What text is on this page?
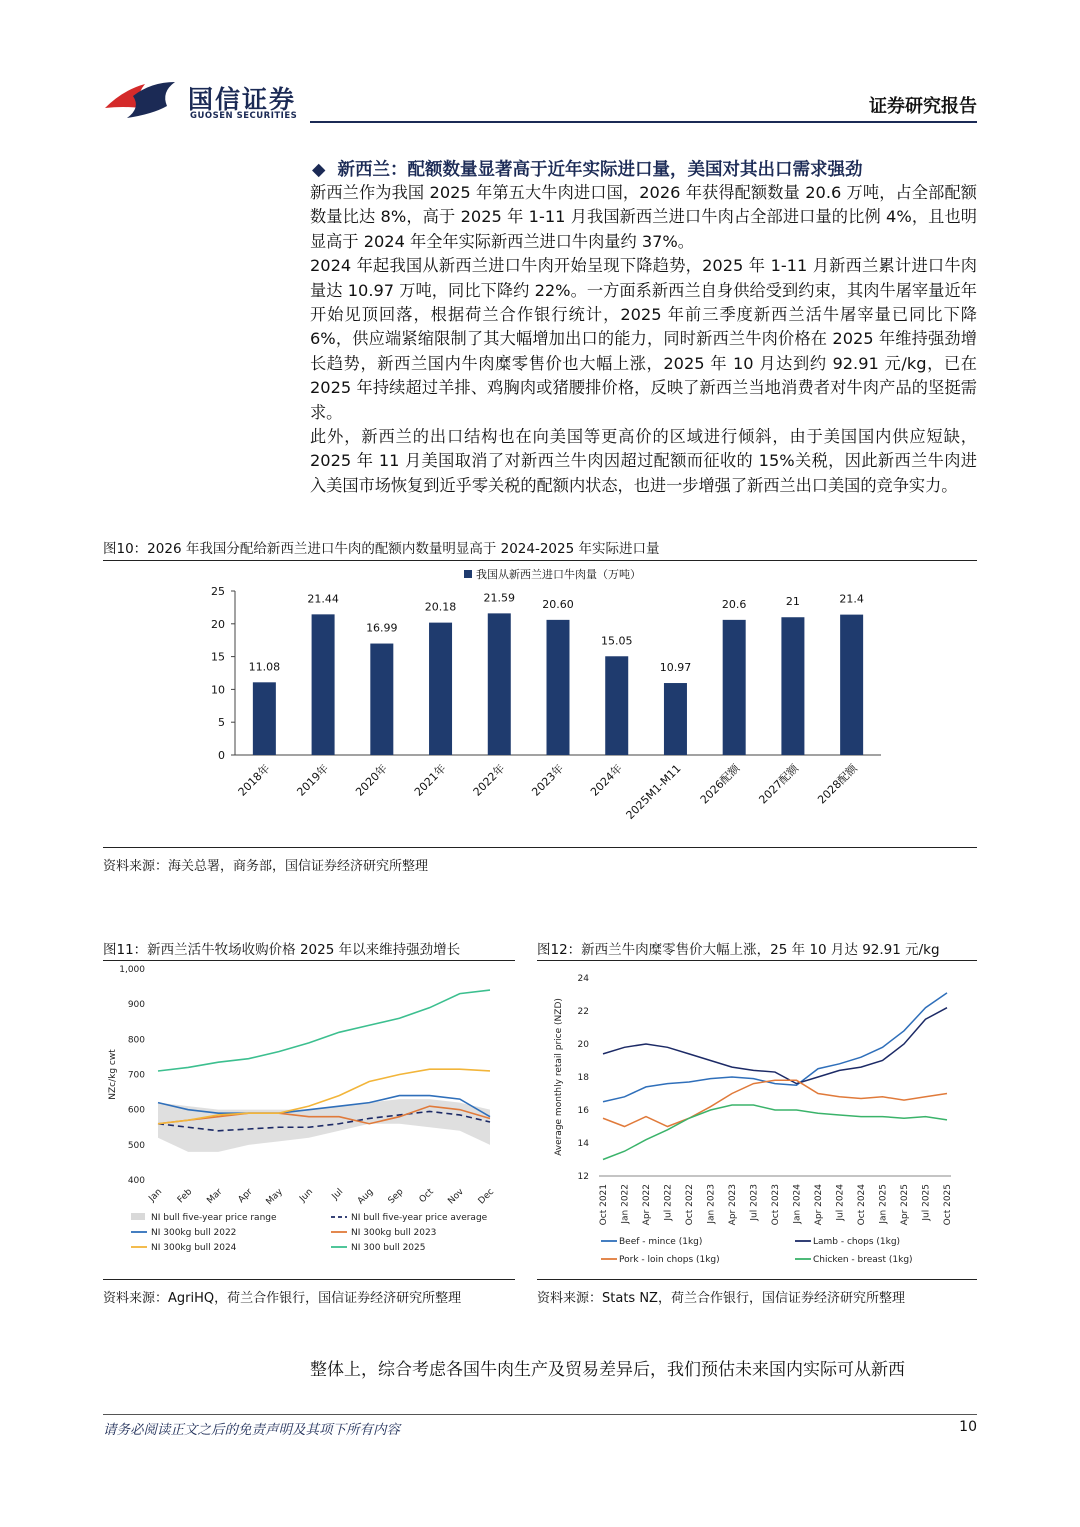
国信证券
GUOSEN SECURITIES	证券研究报告
◆ 新西兰：配额数量显著高于近年实际进口量，美国对其出口需求强劲

新西兰作为我国 2025 年第五大牛肉进口国，2026 年获得配额数量 20.6 万吨，占全部配额数量比达 8%，高于 2025 年 1-11 月我国新西兰进口牛肉占全部进口量的比例 4%，且也明显高于 2024 年全年实际新西兰进口牛肉量约 37%。

2024 年起我国从新西兰进口牛肉开始呈现下降趋势，2025 年 1-11 月新西兰累计进口牛肉量达 10.97 万吨，同比下降约 22%。一方面系新西兰自身供给受到约束，其肉牛屠宰量近年开始见顶回落，根据荷兰合作银行统计，2025 年前三季度新西兰活牛屠宰量已同比下降 6%，供应端紧缩限制了其大幅增加出口的能力，同时新西兰牛肉价格在 2025 年维持强劲增长趋势，新西兰国内牛肉糜零售价也大幅上涨，2025 年 10 月达到约 92.91 元/kg，已在 2025 年持续超过羊排、鸡胸肉或猪腰排价格，反映了新西兰当地消费者对牛肉产品的坚挺需求。

此外，新西兰的出口结构也在向美国等更高价的区域进行倾斜，由于美国国内供应短缺，2025 年 11 月美国取消了对新西兰牛肉因超过配额而征收的 15%关税，因此新西兰牛肉进入美国市场恢复到近乎零关税的配额内状态，也进一步增强了新西兰出口美国的竞争实力。

图10：2026 年我国分配给新西兰进口牛肉的配额内数量明显高于 2024-2025 年实际进口量
我国从新西兰进口牛肉量（万吨）
0
5
10
15
20
25
11.08
2018年
21.44
2019年
16.99
2020年
20.18
2021年
21.59
2022年
20.60
2023年
15.05
2024年
10.97
2025M1-M11
20.6
2026配额
21
2027配额
21.4
2028配额
资料来源：海关总署，商务部，国信证券经济研究所整理
图11：新西兰活牛牧场收购价格 2025 年以来维持强劲增长
NZc/kg cwt
400
500
600
700
800
900
1,000
Jan Feb Mar Apr May Jun Jul Aug Sep Oct Nov Dec
NI bull five-year price range	NI bull five-year price average
NI 300kg bull 2022	NI 300kg bull 2023
NI 300kg bull 2024	NI 300 bull 2025
资料来源：AgriHQ，荷兰合作银行，国信证券经济研究所整理
图12：新西兰牛肉糜零售价大幅上涨，25 年 10 月达 92.91 元/kg
Average monthly retail price (NZD)
12
14
16
18
20
22
24
Oct 2021 Jan 2022 Apr 2022 Jul 2022 Oct 2022 Jan 2023 Apr 2023 Jul 2023 Oct 2023 Jan 2024 Apr 2024 Jul 2024 Oct 2024 Jan 2025 Apr 2025 Jul 2025 Oct 2025
Beef - mince (1kg)	Lamb - chops (1kg)
Pork - loin chops (1kg)	Chicken - breast (1kg)
资料来源：Stats NZ，荷兰合作银行，国信证券经济研究所整理
整体上，综合考虑各国牛肉生产及贸易差异后，我们预估未来国内实际可从新西
请务必阅读正文之后的免责声明及其项下所有内容	10
